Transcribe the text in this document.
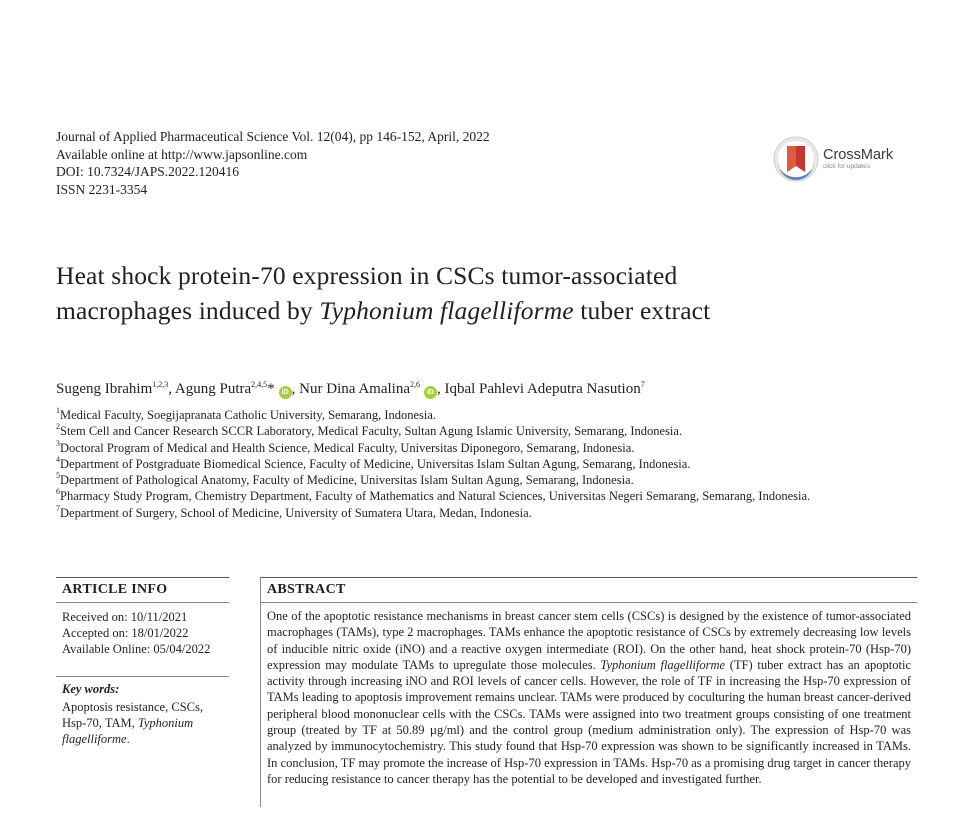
Journal of Applied Pharmaceutical Science Vol. 12(04), pp 146-152, April, 2022
Available online at http://www.japsonline.com
DOI: 10.7324/JAPS.2022.120416
ISSN 2231-3354
CrossMark
click for updates
Heat shock protein-70 expression in CSCs tumor-associated
macrophages induced by Typhonium flagelliforme tuber extract
Sugeng Ibrahim$^{1,2,3}$, Agung Putra$^{2,4,5}$* iD , Nur Dina Amalina$^{2,6}$iD , Iqbal Pahlevi Adeputra Nasution$^7$
$^1$Medical Faculty, Soegijapranata Catholic University, Semarang, Indonesia.
$^2$Stem Cell and Cancer Research SCCR Laboratory, Medical Faculty, Sultan Agung Islamic University, Semarang, Indonesia.
$^3$Doctoral Program of Medical and Health Science, Medical Faculty, Universitas Diponegoro, Semarang, Indonesia.
$^4$Department of Postgraduate Biomedical Science, Faculty of Medicine, Universitas Islam Sultan Agung, Semarang, Indonesia.
$^5$Department of Pathological Anatomy, Faculty of Medicine, Universitas Islam Sultan Agung, Semarang, Indonesia.
$^6$Pharmacy Study Program, Chemistry Department, Faculty of Mathematics and Natural Sciences, Universitas Negeri Semarang, Semarang, Indonesia.
$^7$Department of Surgery, School of Medicine, University of Sumatera Utara, Medan, Indonesia.
ARTICLE INFO
Received on: 10/11/2021
Accepted on: 18/01/2022
Available Online: 05/04/2022
Key words:
Apoptosis resistance, CSCs, Hsp-70, TAM, Typhonium flagelliforme.
ABSTRACT
One of the apoptotic resistance mechanisms in breast cancer stem cells (CSCs) is designed by the existence of tumor-associated macrophages (TAMs), type 2 macrophages. TAMs enhance the apoptotic resistance of CSCs by extremely decreasing low levels of inducible nitric oxide (iNO) and a reactive oxygen intermediate (ROI). On the other hand, heat shock protein-70 (Hsp-70) expression may modulate TAMs to upregulate those molecules. Typhonium flagelliforme (TF) tuber extract has an apoptotic activity through increasing iNO and ROI levels of cancer cells. However, the role of TF in increasing the Hsp-70 expression of TAMs leading to apoptosis improvement remains unclear. TAMs were produced by coculturing the human breast cancer-derived peripheral blood mononuclear cells with the CSCs. TAMs were assigned into two treatment groups consisting of one treatment group (treated by TF at 50.89 µg/ml) and the control group (medium administration only). The expression of Hsp-70 was analyzed by immunocytochemistry. This study found that Hsp-70 expression was shown to be significantly increased in TAMs. In conclusion, TF may promote the increase of Hsp-70 expression in TAMs. Hsp-70 as a promising drug target in cancer therapy for reducing resistance to cancer therapy has the potential to be developed and investigated further.
